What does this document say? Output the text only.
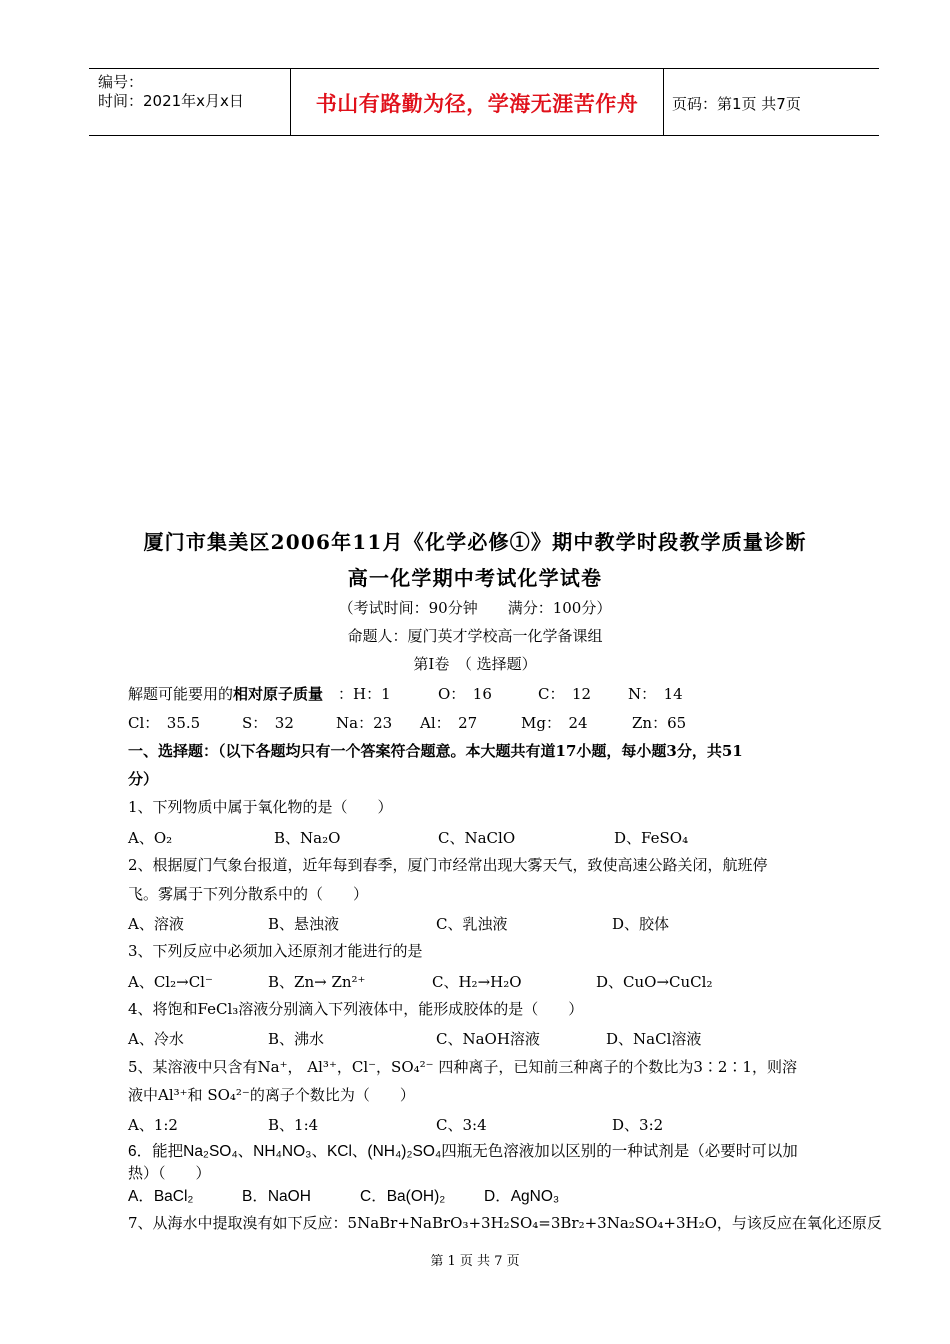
编号：
时间：2021年x月x日	书山有路勤为径，学海无涯苦作舟	页码：第1页 共7页
厦门市集美区2006年11月《化学必修①》期中教学时段教学质量诊断
高一化学期中考试化学试卷
（考试时间：90分钟　　满分：100分）
命题人：厦门英才学校高一化学备课组
第Ⅰ卷　（ 选择题）
解题可能要用的 相对原子质量 ：H：1	O：　16	C：　12 N：　14
Cl：　35.5	S：　32	Na：23 Al：　27	Mg：　24	Zn：65
一、选择题：（以下各题均只有一个答案符合题意。本大题共有道17小题，每小题3分，共51
分）
1、下列物质中属于氧化物的是（　　）
A、O₂	B、Na₂O	C、NaClO	D、FeSO₄
2、根据厦门气象台报道，近年每到春季，厦门市经常出现大雾天气，致使高速公路关闭，航班停
飞。雾属于下列分散系中的（　　）
A、溶液	B、悬浊液	C、乳浊液	D、胶体
3、下列反应中必须加入还原剂才能进行的是
A、Cl₂→Cl⁻	B、Zn→ Zn²⁺	C、H₂→H₂O	D、CuO→CuCl₂
4、将饱和FeCl₃溶液分别滴入下列液体中，能形成胶体的是（　　）
A、冷水	B、沸水	C、NaOH溶液	D、NaCl溶液
5、某溶液中只含有Na⁺， Al³⁺，Cl⁻，SO₄²⁻ 四种离子，已知前三种离子的个数比为3∶2∶1，则溶
液中Al³⁺和 SO₄²⁻的离子个数比为（　　）
A、1:2	B、1:4	C、3:4	D、3:2
6．能把Na₂SO₄、NH₄NO₃、KCl、(NH₄)₂SO₄四瓶无色溶液加以区别的一种试剂是（必要时可以加
热）（　　）
A．BaCl₂	B．NaOH	C．Ba(OH)₂	D．AgNO₃
7、从海水中提取溴有如下反应：5NaBr+NaBrO₃+3H₂SO₄=3Br₂+3Na₂SO₄+3H₂O，与该反应在氧化还原反
第 1 页 共 7 页
